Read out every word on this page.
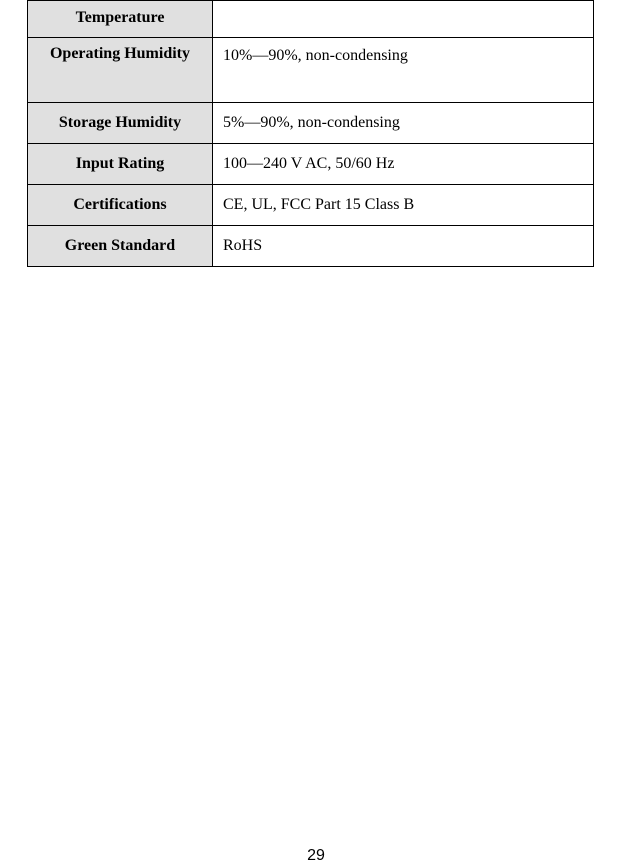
Temperature	
Operating Humidity	10%—90%, non-condensing
Storage Humidity	5%—90%, non-condensing
Input Rating	100—240 V AC, 50/60 Hz
Certifications	CE, UL, FCC Part 15 Class B
Green Standard	RoHS
29
